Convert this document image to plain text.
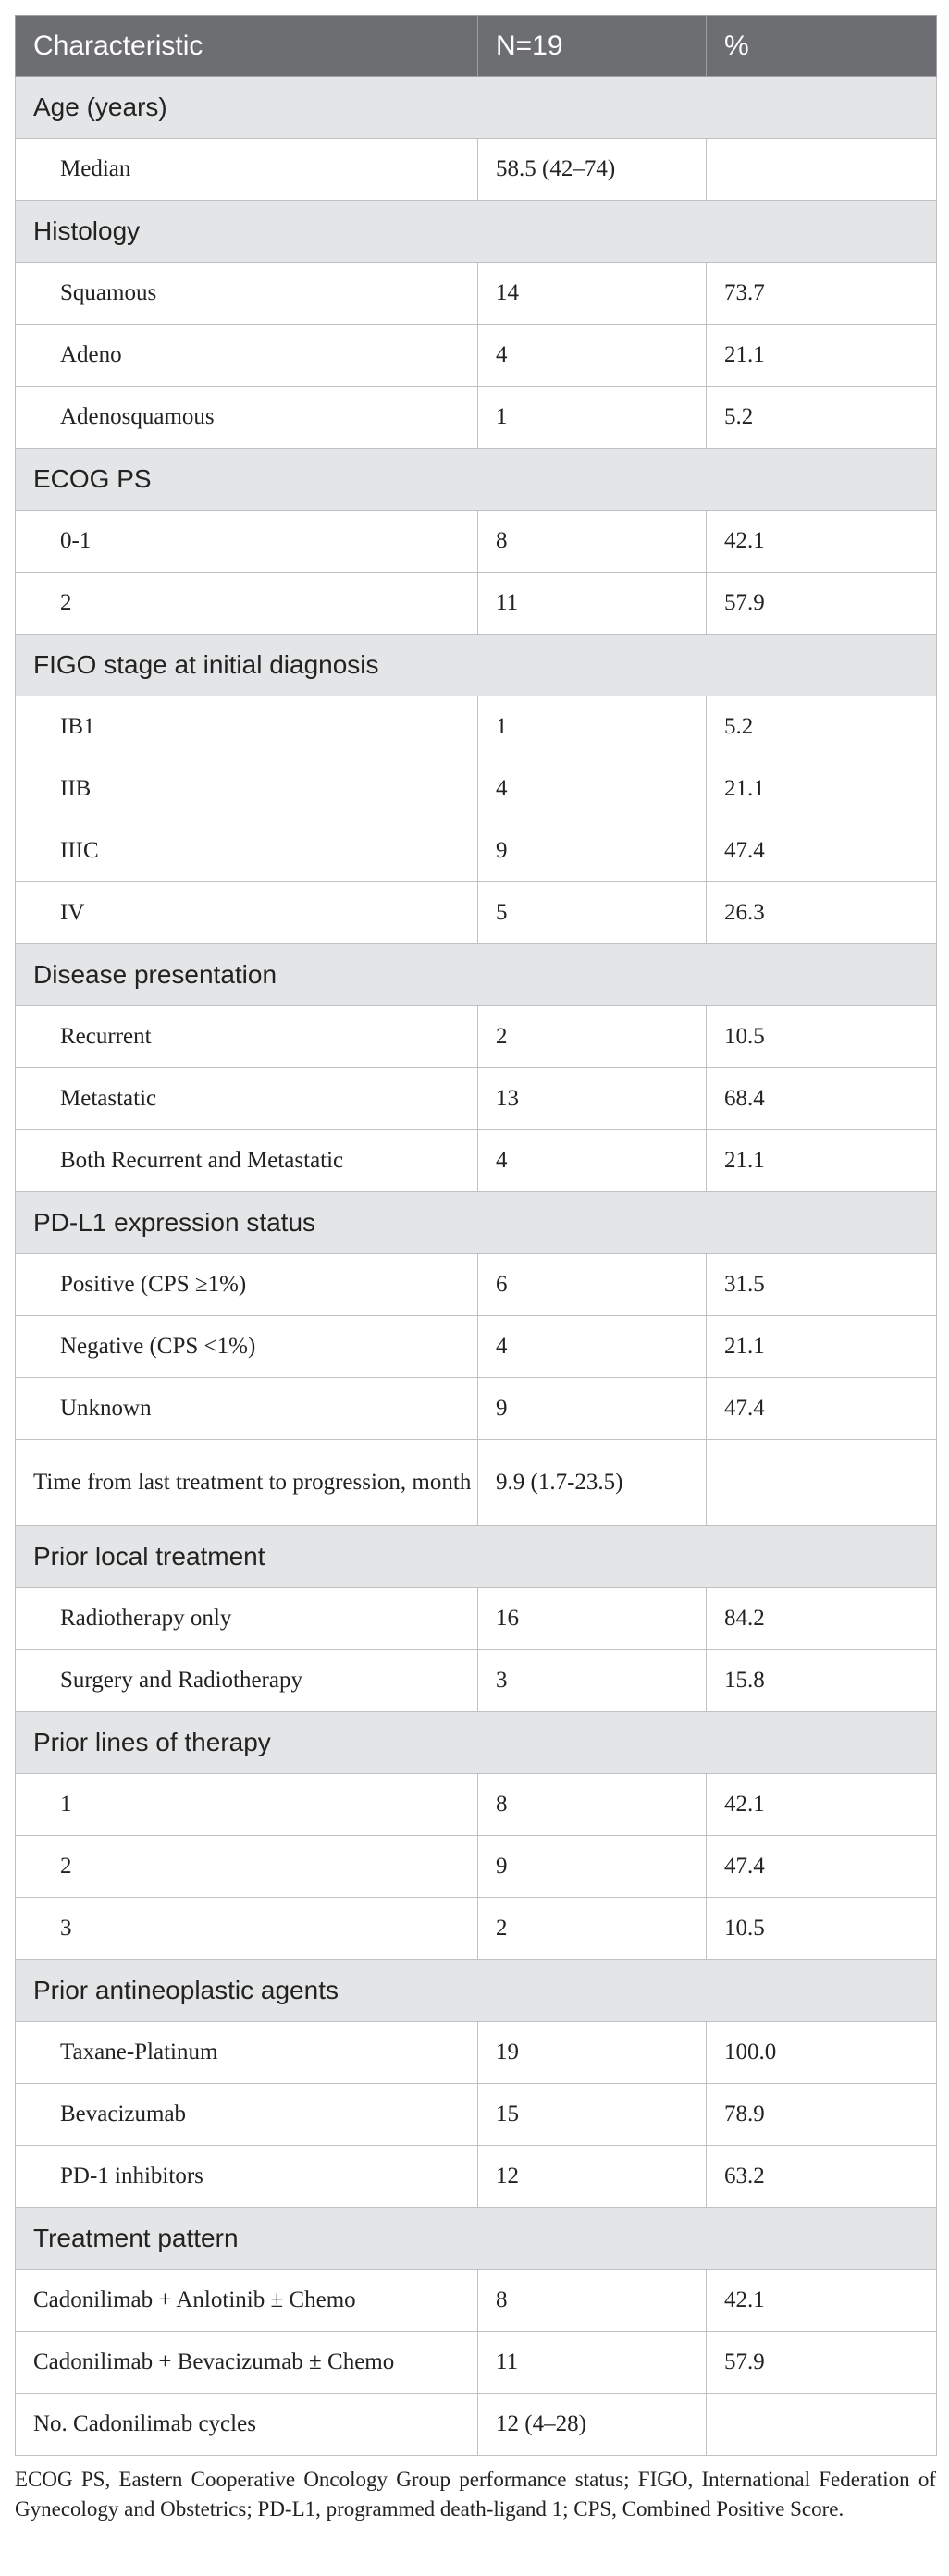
Characteristic	N=19	%
Age (years)		
Median	58.5 (42–74)	
Histology		
Squamous	14	73.7
Adeno	4	21.1
Adenosquamous	1	5.2
ECOG PS		
0-1	8	42.1
2	11	57.9
FIGO stage at initial diagnosis		
IB1	1	5.2
IIB	4	21.1
IIIC	9	47.4
IV	5	26.3
Disease presentation		
Recurrent	2	10.5
Metastatic	13	68.4
Both Recurrent and Metastatic	4	21.1
PD-L1 expression status		
Positive (CPS ≥1%)	6	31.5
Negative (CPS <1%)	4	21.1
Unknown	9	47.4
Time from last treatment to progression, month	9.9 (1.7-23.5)	
Prior local treatment		
Radiotherapy only	16	84.2
Surgery and Radiotherapy	3	15.8
Prior lines of therapy		
1	8	42.1
2	9	47.4
3	2	10.5
Prior antineoplastic agents		
Taxane-Platinum	19	100.0
Bevacizumab	15	78.9
PD-1 inhibitors	12	63.2
Treatment pattern		
Cadonilimab + Anlotinib ± Chemo	8	42.1
Cadonilimab + Bevacizumab ± Chemo	11	57.9
No. Cadonilimab cycles	12 (4–28)	

ECOG PS, Eastern Cooperative Oncology Group performance status; FIGO, International Federation of Gynecology and Obstetrics; PD-L1, programmed death-ligand 1; CPS, Combined Positive Score.
